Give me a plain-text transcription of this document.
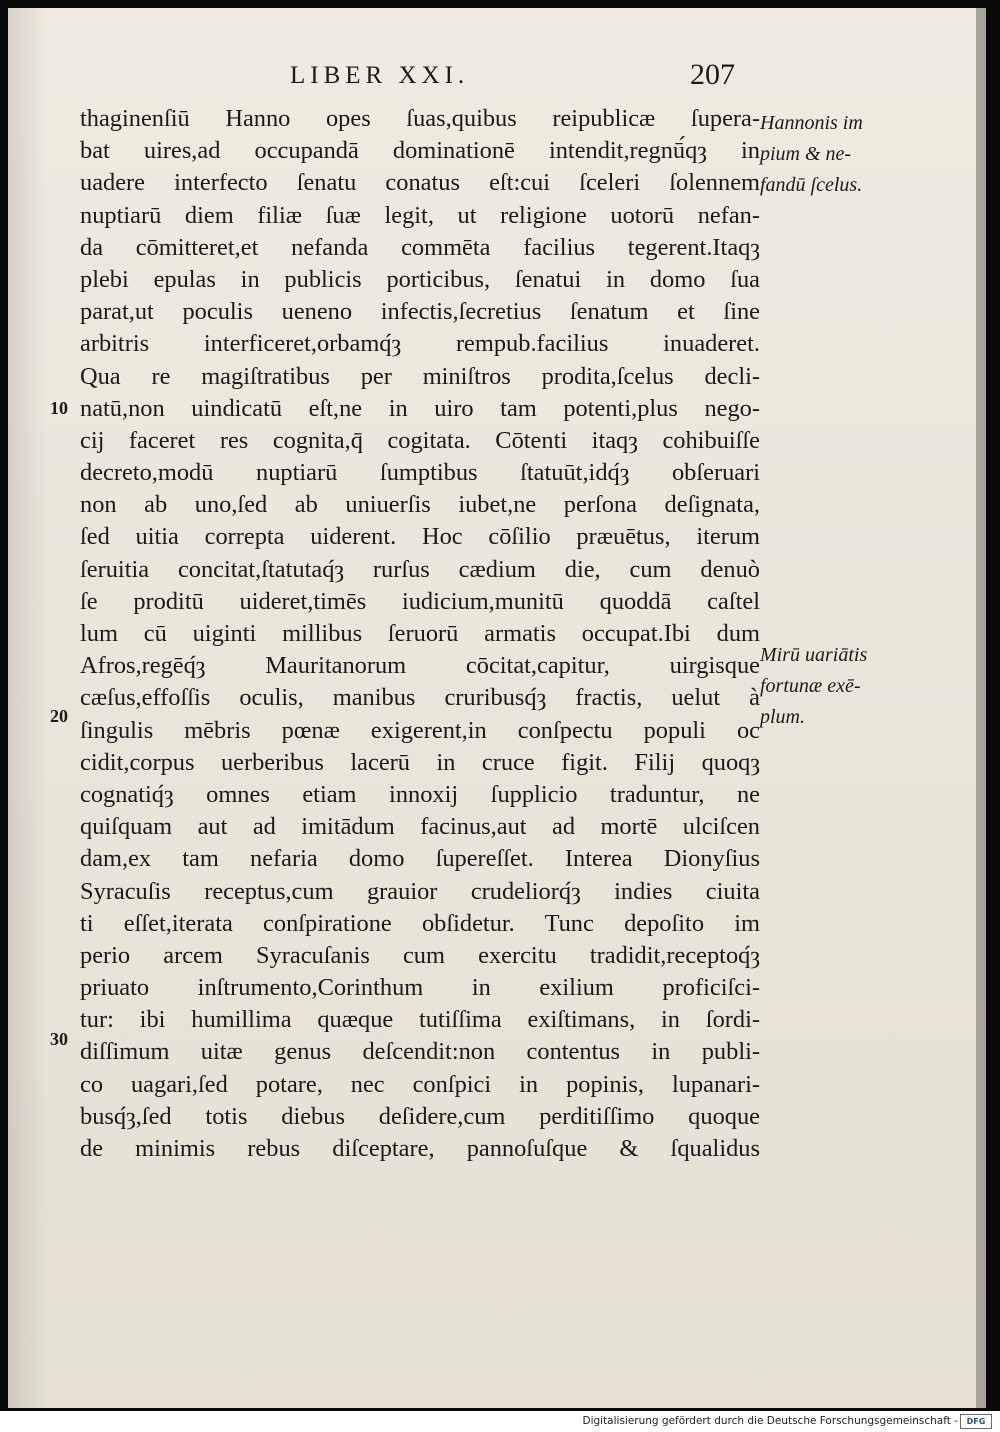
LIBER XXI.	207
thaginenſiū Hanno opes ſuas,quibus reipublicæ ſupera-
bat uires,ad occupandā dominationē intendit,regnū́qȝ in
uadere interfecto ſenatu conatus eſt:cui ſceleri ſolennem
nuptiarū diem filiæ ſuæ legit, ut religione uotorū nefan-
da cōmitteret,et nefanda commēta facilius tegerent.Itaqȝ
plebi epulas in publicis porticibus, ſenatui in domo ſua
parat,ut poculis ueneno infectis,ſecretius ſenatum et ſine
arbitris interficeret,orbamq́ȝ rempub.facilius inuaderet.
Qua re magiſtratibus per miniſtros prodita,ſcelus decli-
natū,non uindicatū eſt,ne in uiro tam potenti,plus nego-
cij faceret res cognita,q̄ cogitata. Cōtenti itaqȝ cohibuiſſe
decreto,modū nuptiarū ſumptibus ſtatuūt,idq́ȝ obſeruari
non ab uno,ſed ab uniuerſis iubet,ne perſona deſignata,
ſed uitia correpta uiderent. Hoc cōſilio præuētus, iterum
ſeruitia concitat,ſtatutaq́ȝ rurſus cædium die, cum denuò
ſe proditū uideret,timēs iudicium,munitū quoddā caſtel
lum cū uiginti millibus ſeruorū armatis occupat.Ibi dum
Afros,regēq́ȝ Mauritanorum cōcitat,capitur, uirgisque
cæſus,effoſſis oculis, manibus cruribusq́ȝ fractis, uelut à
ſingulis mēbris pœnæ exigerent,in conſpectu populi oc
cidit,corpus uerberibus lacerū in cruce figit. Filij quoqȝ
cognatiq́ȝ omnes etiam innoxij ſupplicio traduntur, ne
quiſquam aut ad imitādum facinus,aut ad mortē ulciſcen
dam,ex tam nefaria domo ſupereſſet. Interea Dionyſius
Syracuſis receptus,cum grauior crudeliorq́ȝ indies ciuita
ti eſſet,iterata conſpiratione obſidetur. Tunc depoſito im
perio arcem Syracuſanis cum exercitu tradidit,receptoq́ȝ
priuato inſtrumento,Corinthum in exilium proficiſci-
tur: ibi humillima quæque tutiſſima exiſtimans, in ſordi-
diſſimum uitæ genus deſcendit:non contentus in publi-
co uagari,ſed potare, nec conſpici in popinis, lupanari-
busq́ȝ,ſed totis diebus deſidere,cum perditiſſimo quoque
de minimis rebus diſceptare, pannoſuſque & ſqualidus
10
20
30
Hannonis im
pium & ne-
fandū ſcelus.
Mirū uariātis
fortunæ exē-
plum.
Digitalisierung gefördert durch die Deutsche Forschungsgemeinschaft -	DFG
